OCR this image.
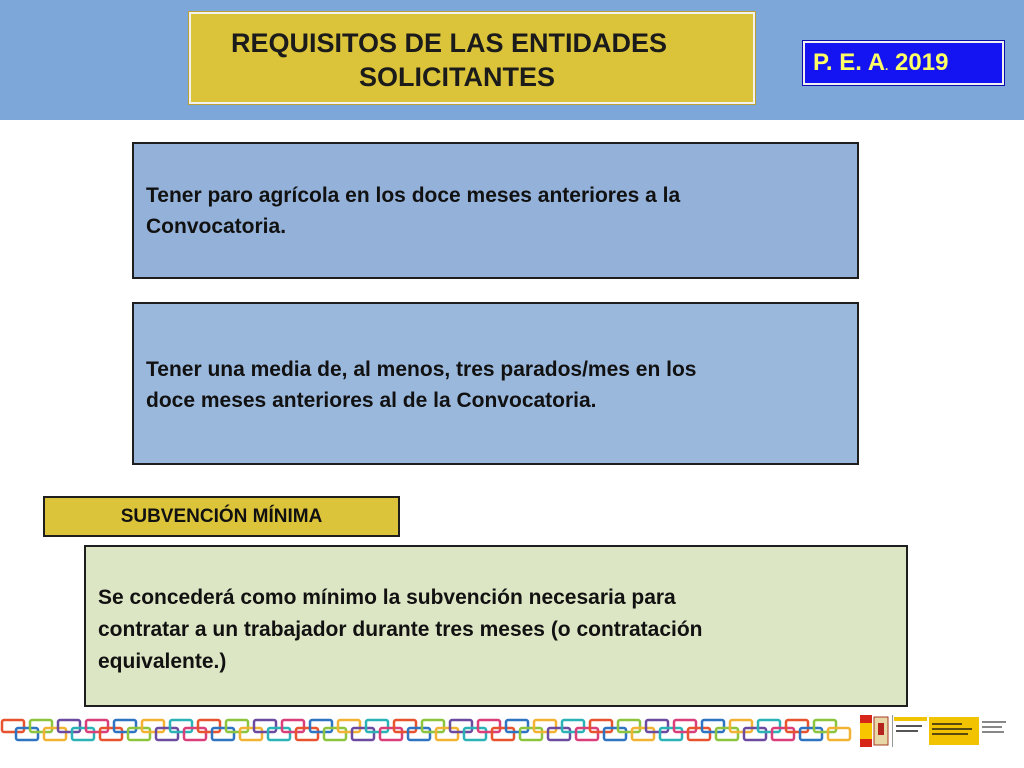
REQUISITOS DE LAS ENTIDADES
SOLICITANTES	P. E. A. 2019
Tener paro agrícola en los doce meses anteriores a la
Convocatoria.
Tener una media de, al menos, tres parados/mes en los
doce meses anteriores al de la Convocatoria.
SUBVENCIÓN MÍNIMA
Se concederá como mínimo la subvención necesaria para
contratar a un trabajador durante tres meses (o contratación
equivalente.)
